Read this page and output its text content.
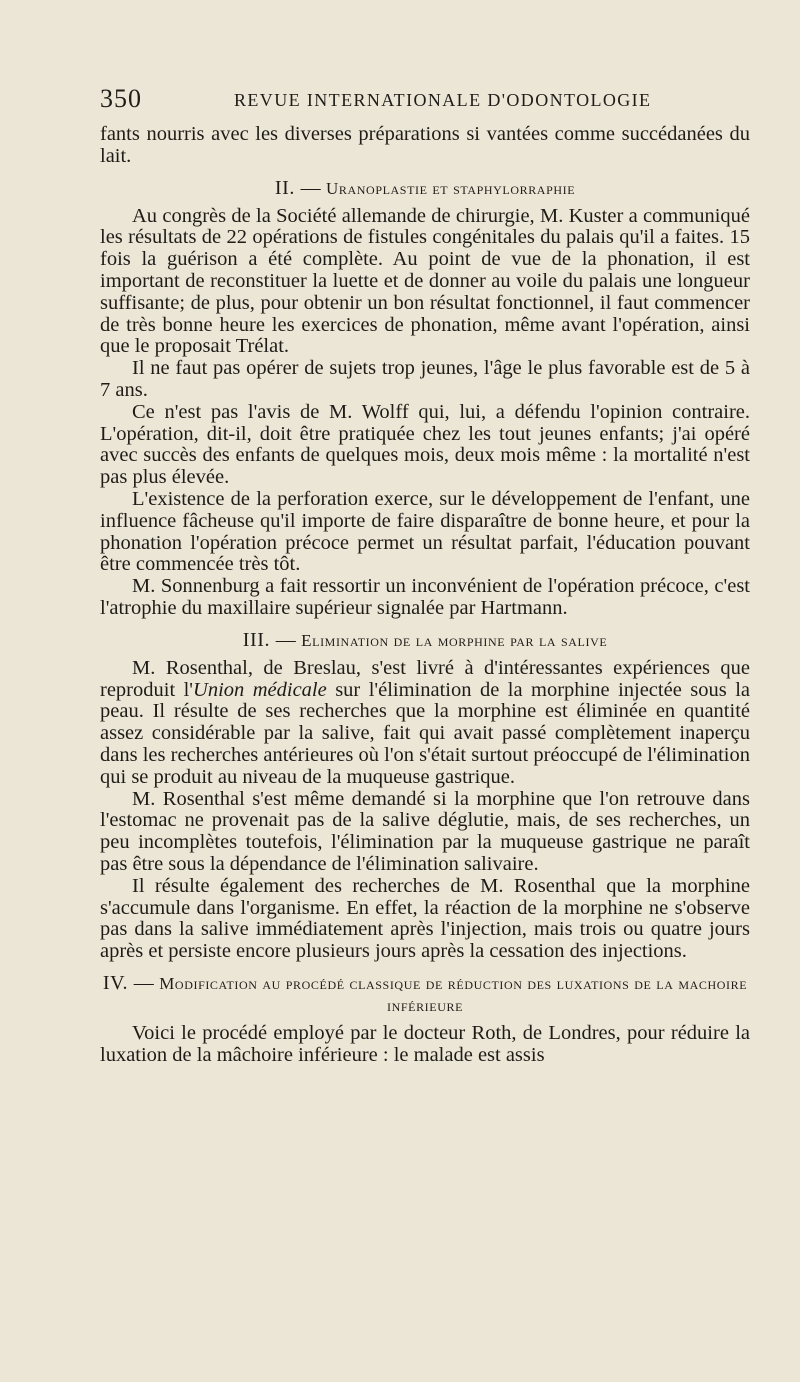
350	REVUE INTERNATIONALE D'ODONTOLOGIE

fants nourris avec les diverses préparations si vantées comme succédanées du lait.

II. — Uranoplastie et staphylorraphie

Au congrès de la Société allemande de chirurgie, M. Kuster a communiqué les résultats de 22 opérations de fistules congénitales du palais qu'il a faites. 15 fois la guérison a été complète. Au point de vue de la phonation, il est important de reconstituer la luette et de donner au voile du palais une longueur suffisante; de plus, pour obtenir un bon résultat fonctionnel, il faut commencer de très bonne heure les exercices de phonation, même avant l'opération, ainsi que le proposait Trélat.

Il ne faut pas opérer de sujets trop jeunes, l'âge le plus favorable est de 5 à 7 ans.

Ce n'est pas l'avis de M. Wolff qui, lui, a défendu l'opinion contraire. L'opération, dit-il, doit être pratiquée chez les tout jeunes enfants; j'ai opéré avec succès des enfants de quelques mois, deux mois même : la mortalité n'est pas plus élevée.

L'existence de la perforation exerce, sur le développement de l'enfant, une influence fâcheuse qu'il importe de faire disparaître de bonne heure, et pour la phonation l'opération précoce permet un résultat parfait, l'éducation pouvant être commencée très tôt.

M. Sonnenburg a fait ressortir un inconvénient de l'opération précoce, c'est l'atrophie du maxillaire supérieur signalée par Hartmann.

III. — Elimination de la morphine par la salive

M. Rosenthal, de Breslau, s'est livré à d'intéressantes expériences que reproduit l'Union médicale sur l'élimination de la morphine injectée sous la peau. Il résulte de ses recherches que la morphine est éliminée en quantité assez considérable par la salive, fait qui avait passé complètement inaperçu dans les recherches antérieures où l'on s'était surtout préoccupé de l'élimination qui se produit au niveau de la muqueuse gastrique.

M. Rosenthal s'est même demandé si la morphine que l'on retrouve dans l'estomac ne provenait pas de la salive déglutie, mais, de ses recherches, un peu incomplètes toutefois, l'élimination par la muqueuse gastrique ne paraît pas être sous la dépendance de l'élimination salivaire.

Il résulte également des recherches de M. Rosenthal que la morphine s'accumule dans l'organisme. En effet, la réaction de la morphine ne s'observe pas dans la salive immédiatement après l'injection, mais trois ou quatre jours après et persiste encore plusieurs jours après la cessation des injections.

IV. — Modification au procédé classique de réduction des luxations de la machoire inférieure

Voici le procédé employé par le docteur Roth, de Londres, pour réduire la luxation de la mâchoire inférieure : le malade est assis
